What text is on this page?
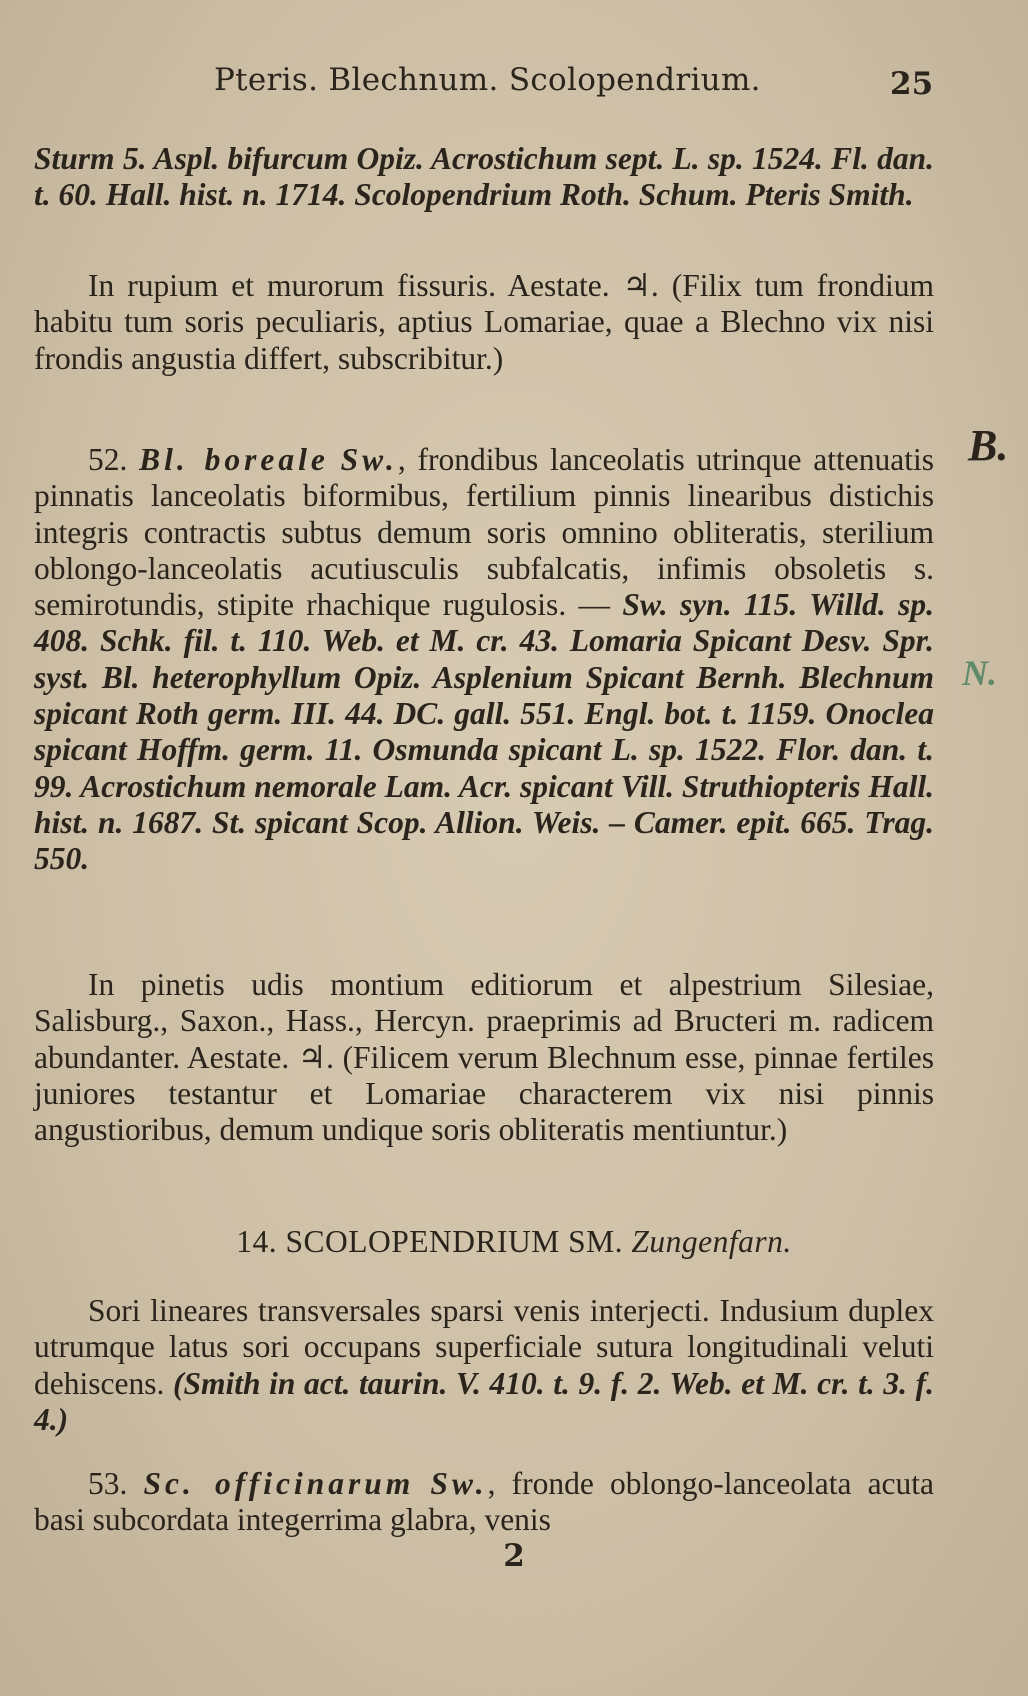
Pteris. Blechnum. Scolopendrium.	25

Sturm 5. Aspl. bifurcum Opiz. Acrostichum sept. L. sp. 1524. Fl. dan. t. 60. Hall. hist. n. 1714. Scolopendrium Roth. Schum. Pteris Smith.

In rupium et murorum fissuris. Aestate. ♃. (Filix tum frondium habitu tum soris peculiaris, aptius Lomariae, quae a Blechno vix nisi frondis angustia differt, subscribitur.)

52. Bl. boreale Sw., frondibus lanceolatis utrinque attenuatis pinnatis lanceolatis biformibus, fertilium pinnis linearibus distichis integris contractis subtus demum soris omnino obliteratis, sterilium oblongo-lanceolatis acutiusculis subfalcatis, infimis obsoletis s. semirotundis, stipite rhachique rugulosis. — Sw. syn. 115. Willd. sp. 408. Schk. fil. t. 110. Web. et M. cr. 43. Lomaria Spicant Desv. Spr. syst. Bl. heterophyllum Opiz. Asplenium Spicant Bernh. Blechnum spicant Roth germ. III. 44. DC. gall. 551. Engl. bot. t. 1159. Onoclea spicant Hoffm. germ. 11. Osmunda spicant L. sp. 1522. Flor. dan. t. 99. Acrostichum nemorale Lam. Acr. spicant Vill. Struthiopteris Hall. hist. n. 1687. St. spicant Scop. Allion. Weis. – Camer. epit. 665. Trag. 550.

B.
N.

In pinetis udis montium editiorum et alpestrium Silesiae, Salisburg., Saxon., Hass., Hercyn. praeprimis ad Bructeri m. radicem abundanter. Aestate. ♃. (Filicem verum Blechnum esse, pinnae fertiles juniores testantur et Lomariae characterem vix nisi pinnis angustioribus, demum undique soris obliteratis mentiuntur.)

14. SCOLOPENDRIUM SM. Zungenfarn.

Sori lineares transversales sparsi venis interjecti. Indusium duplex utrumque latus sori occupans superficiale sutura longitudinali veluti dehiscens. (Smith in act. taurin. V. 410. t. 9. f. 2. Web. et M. cr. t. 3. f. 4.)

53. Sc. officinarum Sw., fronde oblongo-lanceolata acuta basi subcordata integerrima glabra, venis

2
